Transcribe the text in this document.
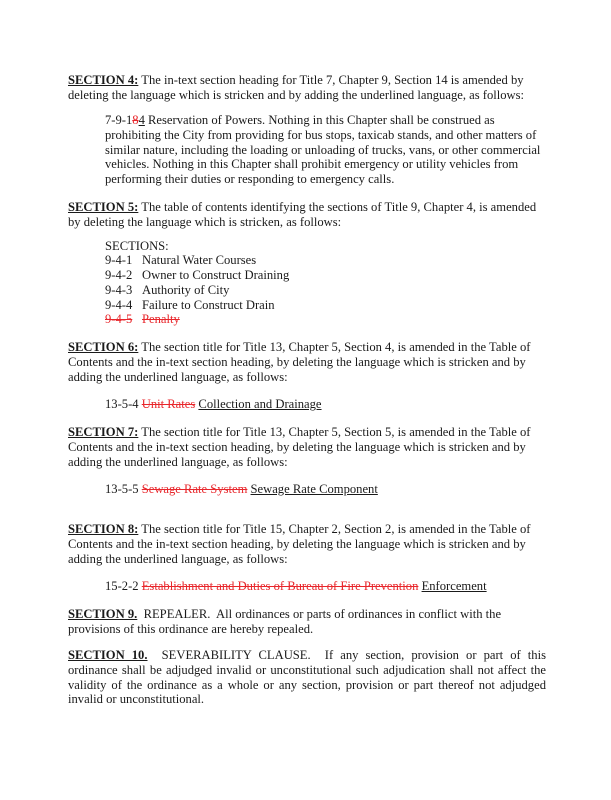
SECTION 4: The in-text section heading for Title 7, Chapter 9, Section 14 is amended by deleting the language which is stricken and by adding the underlined language, as follows:
7-9-184 Reservation of Powers. Nothing in this Chapter shall be construed as prohibiting the City from providing for bus stops, taxicab stands, and other matters of similar nature, including the loading or unloading of trucks, vans, or other commercial vehicles. Nothing in this Chapter shall prohibit emergency or utility vehicles from performing their duties or responding to emergency calls.
SECTION 5: The table of contents identifying the sections of Title 9, Chapter 4, is amended by deleting the language which is stricken, as follows:
SECTIONS:
9-4-1 Natural Water Courses
9-4-2 Owner to Construct Draining
9-4-3 Authority of City
9-4-4 Failure to Construct Drain
9-4-5 Penalty
SECTION 6: The section title for Title 13, Chapter 5, Section 4, is amended in the Table of Contents and the in-text section heading, by deleting the language which is stricken and by adding the underlined language, as follows:
13-5-4 Unit Rates Collection and Drainage
SECTION 7: The section title for Title 13, Chapter 5, Section 5, is amended in the Table of Contents and the in-text section heading, by deleting the language which is stricken and by adding the underlined language, as follows:
13-5-5 Sewage Rate System Sewage Rate Component
SECTION 8: The section title for Title 15, Chapter 2, Section 2, is amended in the Table of Contents and the in-text section heading, by deleting the language which is stricken and by adding the underlined language, as follows:
15-2-2 Establishment and Duties of Bureau of Fire Prevention Enforcement
SECTION 9.  REPEALER.  All ordinances or parts of ordinances in conflict with the provisions of this ordinance are hereby repealed.
SECTION 10.  SEVERABILITY CLAUSE.  If any section, provision or part of this ordinance shall be adjudged invalid or unconstitutional such adjudication shall not affect the validity of the ordinance as a whole or any section, provision or part thereof not adjudged invalid or unconstitutional.
